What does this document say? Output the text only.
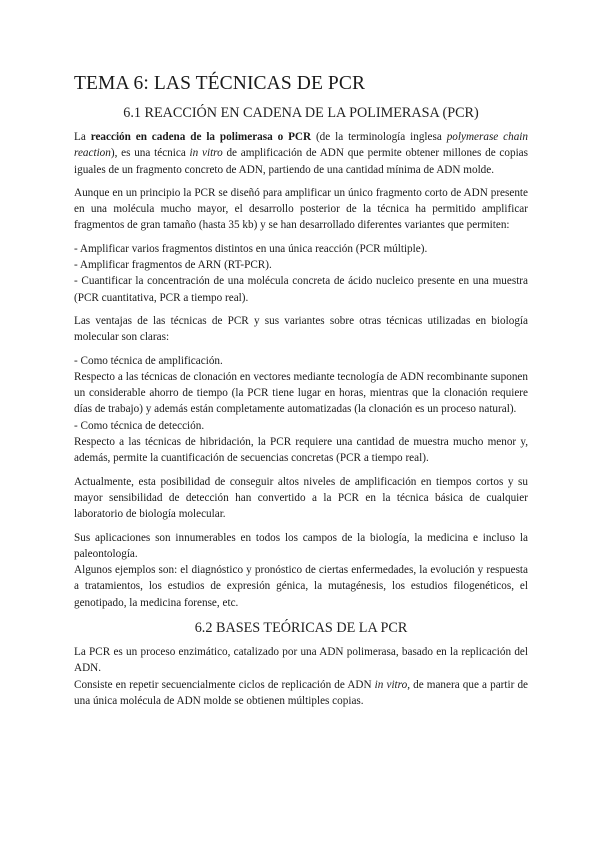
TEMA 6: LAS TÉCNICAS DE PCR
6.1 REACCIÓN EN CADENA DE LA POLIMERASA (PCR)

La reacción en cadena de la polimerasa o PCR (de la terminología inglesa polymerase chain reaction), es una técnica in vitro de amplificación de ADN que permite obtener millones de copias iguales de un fragmento concreto de ADN, partiendo de una cantidad mínima de ADN molde.

Aunque en un principio la PCR se diseñó para amplificar un único fragmento corto de ADN presente en una molécula mucho mayor, el desarrollo posterior de la técnica ha permitido amplificar fragmentos de gran tamaño (hasta 35 kb) y se han desarrollado diferentes variantes que permiten:

- Amplificar varios fragmentos distintos en una única reacción (PCR múltiple).
- Amplificar fragmentos de ARN (RT-PCR).
- Cuantificar la concentración de una molécula concreta de ácido nucleico presente en una muestra (PCR cuantitativa, PCR a tiempo real).

Las ventajas de las técnicas de PCR y sus variantes sobre otras técnicas utilizadas en biología molecular son claras:

- Como técnica de amplificación.
Respecto a las técnicas de clonación en vectores mediante tecnología de ADN recombinante suponen un considerable ahorro de tiempo (la PCR tiene lugar en horas, mientras que la clonación requiere días de trabajo) y además están completamente automatizadas (la clonación es un proceso natural).
- Como técnica de detección.
Respecto a las técnicas de hibridación, la PCR requiere una cantidad de muestra mucho menor y, además, permite la cuantificación de secuencias concretas (PCR a tiempo real).

Actualmente, esta posibilidad de conseguir altos niveles de amplificación en tiempos cortos y su mayor sensibilidad de detección han convertido a la PCR en la técnica básica de cualquier laboratorio de biología molecular.

Sus aplicaciones son innumerables en todos los campos de la biología, la medicina e incluso la paleontología.
Algunos ejemplos son: el diagnóstico y pronóstico de ciertas enfermedades, la evolución y respuesta a tratamientos, los estudios de expresión génica, la mutagénesis, los estudios filogenéticos, el genotipado, la medicina forense, etc.
6.2 BASES TEÓRICAS DE LA PCR
La PCR es un proceso enzimático, catalizado por una ADN polimerasa, basado en la replicación del ADN.
Consiste en repetir secuencialmente ciclos de replicación de ADN in vitro, de manera que a partir de una única molécula de ADN molde se obtienen múltiples copias.
